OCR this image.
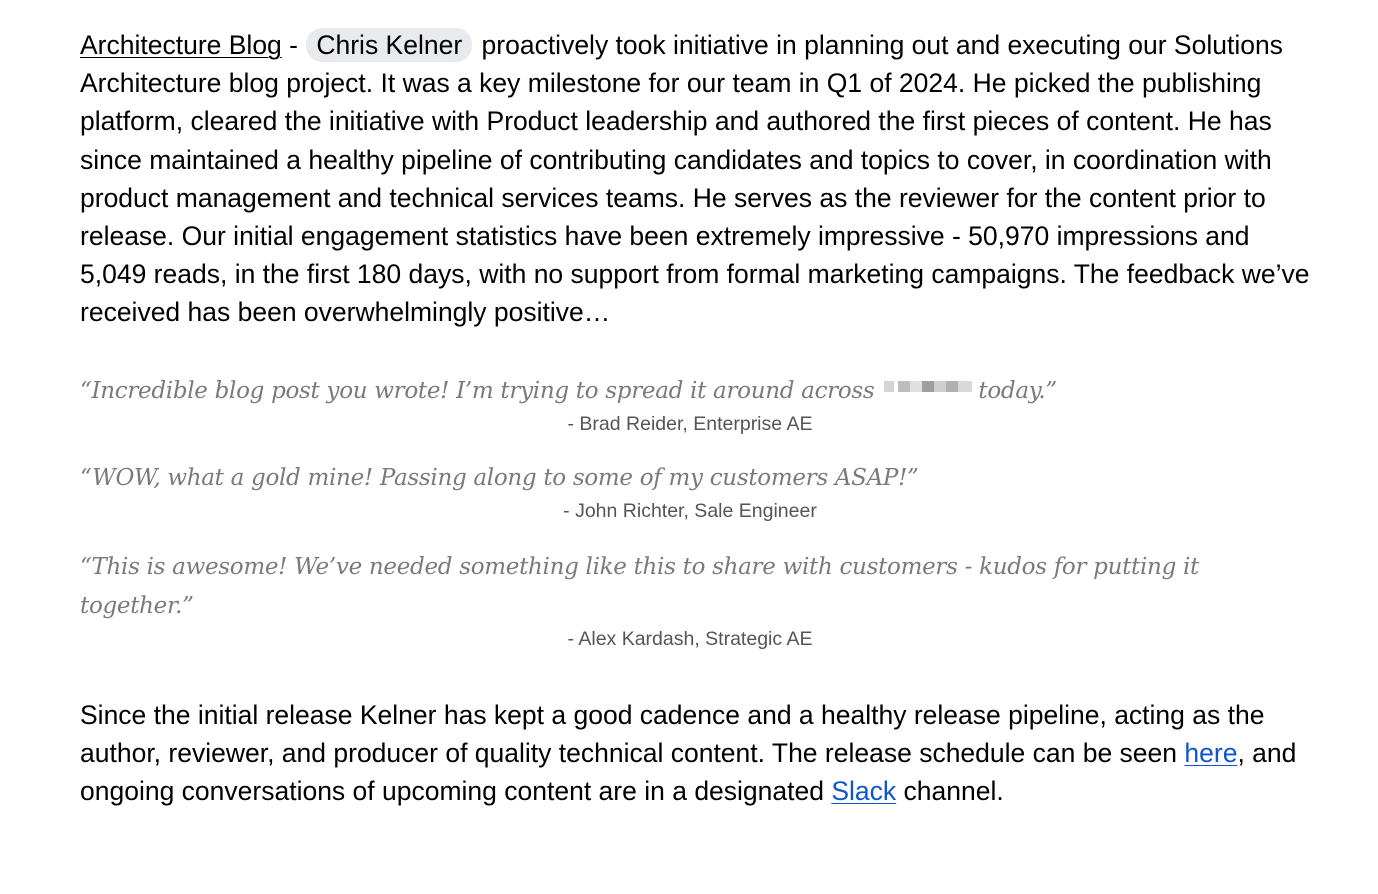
Architecture Blog - Chris Kelner proactively took initiative in planning out and executing our Solutions Architecture blog project. It was a key milestone for our team in Q1 of 2024. He picked the publishing platform, cleared the initiative with Product leadership and authored the first pieces of content. He has since maintained a healthy pipeline of contributing candidates and topics to cover, in coordination with product management and technical services teams. He serves as the reviewer for the content prior to release. Our initial engagement statistics have been extremely impressive - 50,970 impressions and 5,049 reads, in the first 180 days, with no support from formal marketing campaigns. The feedback we’ve received has been overwhelmingly positive…

“Incredible blog post you wrote! I’m trying to spread it around across	today.”

- Brad Reider, Enterprise AE

“WOW, what a gold mine! Passing along to some of my customers ASAP!”

- John Richter, Sale Engineer

“This is awesome! We’ve needed something like this to share with customers - kudos for putting it together.”

- Alex Kardash, Strategic AE

Since the initial release Kelner has kept a good cadence and a healthy release pipeline, acting as the author, reviewer, and producer of quality technical content. The release schedule can be seen here, and ongoing conversations of upcoming content are in a designated Slack channel.
